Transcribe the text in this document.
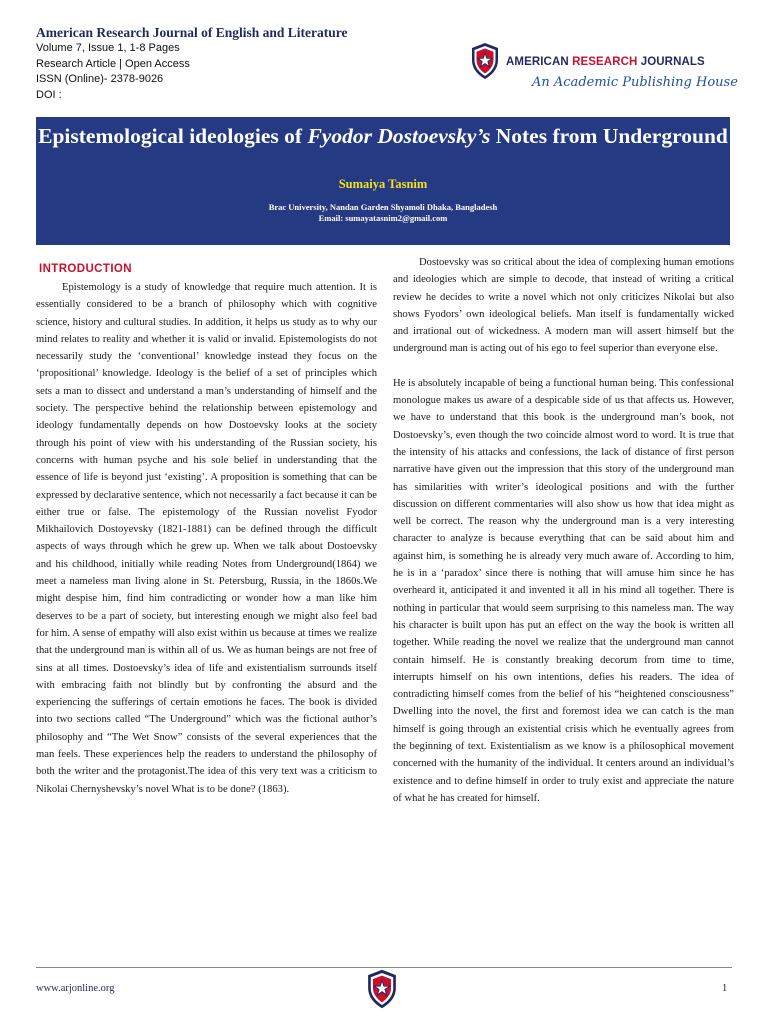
American Research Journal of English and Literature
Volume 7, Issue 1, 1-8 Pages
Research Article | Open Access
ISSN (Online)- 2378-9026
DOI :
AMERICAN RESEARCH JOURNALS
An Academic Publishing House
Epistemological ideologies of Fyodor Dostoevsky’s Notes from Underground
Sumaiya Tasnim
Brac University, Nandan Garden Shyamoli Dhaka, Bangladesh
Email: sumayatasnim2@gmail.com
INTRODUCTION

Epistemology is a study of knowledge that require much attention. It is essentially considered to be a branch of philosophy which with cognitive science, history and cultural studies. In addition, it helps us study as to why our mind relates to reality and whether it is valid or invalid. Epistemologists do not necessarily study the ‘conventional’ knowledge instead they focus on the ‘propositional’ knowledge. Ideology is the belief of a set of principles which sets a man to dissect and understand a man’s understanding of himself and the society. The perspective behind the relationship between epistemology and ideology fundamentally depends on how Dostoevsky looks at the society through his point of view with his understanding of the Russian society, his concerns with human psyche and his sole belief in understanding that the essence of life is beyond just ‘existing’. A proposition is something that can be expressed by declarative sentence, which not necessarily a fact because it can be either true or false. The epistemology of the Russian novelist Fyodor Mikhailovich Dostoyevsky (1821-1881) can be defined through the difficult aspects of ways through which he grew up. When we talk about Dostoevsky and his childhood, initially while reading Notes from Underground(1864) we meet a nameless man living alone in St. Petersburg, Russia, in the 1860s.We might despise him, find him contradicting or wonder how a man like him deserves to be a part of society, but interesting enough we might also feel bad for him. A sense of empathy will also exist within us because at times we realize that the underground man is within all of us. We as human beings are not free of sins at all times. Dostoevsky’s idea of life and existentialism surrounds itself with embracing faith not blindly but by confronting the absurd and the experiencing the sufferings of certain emotions he faces. The book is divided into two sections called “The Underground” which was the fictional author’s philosophy and “The Wet Snow” consists of the several experiences that the man feels. These experiences help the readers to understand the philosophy of both the writer and the protagonist.The idea of this very text was a criticism to Nikolai Chernyshevsky’s novel What is to be done? (1863).

Dostoevsky was so critical about the idea of complexing human emotions and ideologies which are simple to decode, that instead of writing a critical review he decides to write a novel which not only criticizes Nikolai but also shows Fyodors’ own ideological beliefs. Man itself is fundamentally wicked and irrational out of wickedness. A modern man will assert himself but the underground man is acting out of his ego to feel superior than everyone else.

He is absolutely incapable of being a functional human being. This confessional monologue makes us aware of a despicable side of us that affects us. However, we have to understand that this book is the underground man’s book, not Dostoevsky’s, even though the two coincide almost word to word. It is true that the intensity of his attacks and confessions, the lack of distance of first person narrative have given out the impression that this story of the underground man has similarities with writer’s ideological positions and with the further discussion on different commentaries will also show us how that idea might as well be correct. The reason why the underground man is a very interesting character to analyze is because everything that can be said about him and against him, is something he is already very much aware of. According to him, he is in a ‘paradox’ since there is nothing that will amuse him since he has overheard it, anticipated it and invented it all in his mind all together. There is nothing in particular that would seem surprising to this nameless man. The way his character is built upon has put an effect on the way the book is written all together. While reading the novel we realize that the underground man cannot contain himself. He is constantly breaking decorum from time to time, interrupts himself on his own intentions, defies his readers. The idea of contradicting himself comes from the belief of his “heightened consciousness” Dwelling into the novel, the first and foremost idea we can catch is the man himself is going through an existential crisis which he eventually agrees from the beginning of text. Existentialism as we know is a philosophical movement concerned with the humanity of the individual. It centers around an individual’s existence and to define himself in order to truly exist and appreciate the nature of what he has created for himself.

www.arjonline.org	1
